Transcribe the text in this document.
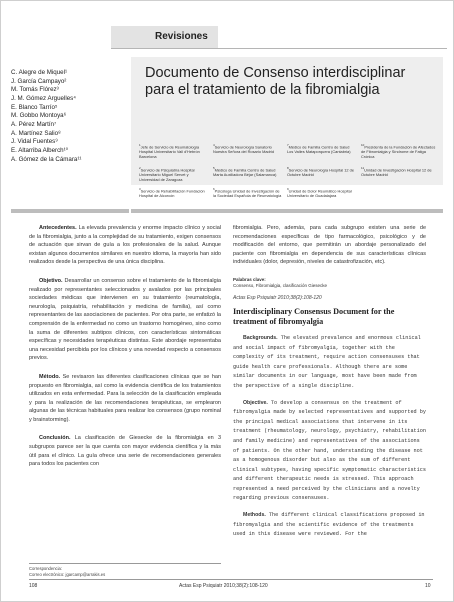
Revisiones
C. Alegre de Miquel¹
J. García Campayo²
M. Tomás Flórez³
J. M. Gómez Arguelles⁴
E. Blanco Tarrío⁵
M. Gobbo Montoya⁶
A. Pérez Martín⁷
A. Martínez Salio⁸
J. Vidal Fuentes⁹
E. Altarriba Alberch¹⁰
A. Gómez de la Cámara¹¹
Documento de Consenso interdisciplinar para el tratamiento de la fibromialgia
$^1$Jefe de Servicio de Reumatología Hospital Universitario Vall d'Hebrón Barcelona
$^2$Servicio de Psiquiatría Hospital Universitario Miguel Servet y Universidad de Zaragoza
$^3$Servicio de Rehabilitación Fundación Hospital de Alcorcón
$^4$Servicio de Neurología Sanatorio Nuestra Señora del Rosario Madrid
$^5$Médico de Familia Centro de Salud Marta Auxiliadora Béjar (Salamanca)
$^6$Psicóloga Unidad de Investigación de la Sociedad Española de Reumatología
$^7$Médico de Familia Centro de Salud Los Valles Mataporquera (Cantabria)
$^8$Servicio de Neurología Hospital 12 de Octubre Madrid
$^9$Unidad de Dolor Reumático Hospital Universitario de Guadalajara
$^{10}$Presidenta de la Fundación de Afectados de Fibromialgia y Síndrome de Fatiga Crónica
$^{11}$Unidad de Investigación Hospital 12 de Octubre Madrid

Antecedentes. La elevada prevalencia y enorme impacto clínico y social de la fibromialgia, junto a la complejidad de su tratamiento, exigen consensos de actuación que sirvan de guía a los profesionales de la salud. Aunque existan algunos documentos similares en nuestro idioma, la mayoría han sido realizados desde la perspectiva de una única disciplina.

Objetivo. Desarrollar un consenso sobre el tratamiento de la fibromialgia realizado por representantes seleccionados y avalados por las principales sociedades médicas que intervienen en su tratamiento (reumatología, neurología, psiquiatría, rehabilitación y medicina de familia), así como representantes de las asociaciones de pacientes. Por otra parte, se enfatizó la comprensión de la enfermedad no como un trastorno homogéneo, sino como la suma de diferentes subtipos clínicos, con características sintomáticas específicas y necesidades terapéuticas distintas. Este abordaje representaba una necesidad percibida por los clínicos y una novedad respecto a consensos previos.

Método. Se revisaron las diferentes clasificaciones clínicas que se han propuesto en fibromialgia, así como la evidencia científica de los tratamientos utilizados en esta enfermedad. Para la selección de la clasificación empleada y para la realización de las recomendaciones terapéuticas, se emplearon algunas de las técnicas habituales para realizar los consensos (grupo nominal y brainstorming).

Conclusión. La clasificación de Giesecke de la fibromialgia en 3 subgrupos parece ser la que cuenta con mayor evidencia científica y la más útil para el clínico. La guía ofrece una serie de recomendaciones generales para todos los pacientes con

fibromialgia. Pero, además, para cada subgrupo existen una serie de recomendaciones específicas de tipo farmacológico, psicológico y de modificación del entorno, que permitirán un abordaje personalizado del paciente con fibromialgia en dependencia de sus características clínicas individuales (dolor, depresión, niveles de catastrofización, etc).

Palabras clave:
Consenso, Fibromialgia, clasificación Giesecke
Actas Esp Psiquiatr 2010;38(2):108-120
Interdisciplinary Consensus Document for the treatment of fibromyalgia

Backgrounds. The elevated prevalence and enormous clinical and social impact of fibromyalgia, together with the complexity of its treatment, require action consensuses that guide health care professionals. Although there are some similar documents in our language, most have been made from the perspective of a single discipline.

Objective. To develop a consensus on the treatment of fibromyalgia made by selected representatives and supported by the principal medical associations that intervene in its treatment (rheumatology, neurology, psychiatry, rehabilitation and family medicine) and representatives of the associations of patients. On the other hand, understanding the disease not as a homogenous disorder but also as the sum of different clinical subtypes, having specific symptomatic characteristics and different therapeutic needs is stressed. This approach represented a need perceived by the clinicians and a novelty regarding previous consensuses.

Methods. The different clinical classifications proposed in fibromyalgia and the scientific evidence of the treatments used in this disease were reviewed. For the

Correspondencia:
Correo electrónico: jgarcamp@arrakis.es
108	Actas Esp Psiquiatr 2010;38(2):108-120	10
